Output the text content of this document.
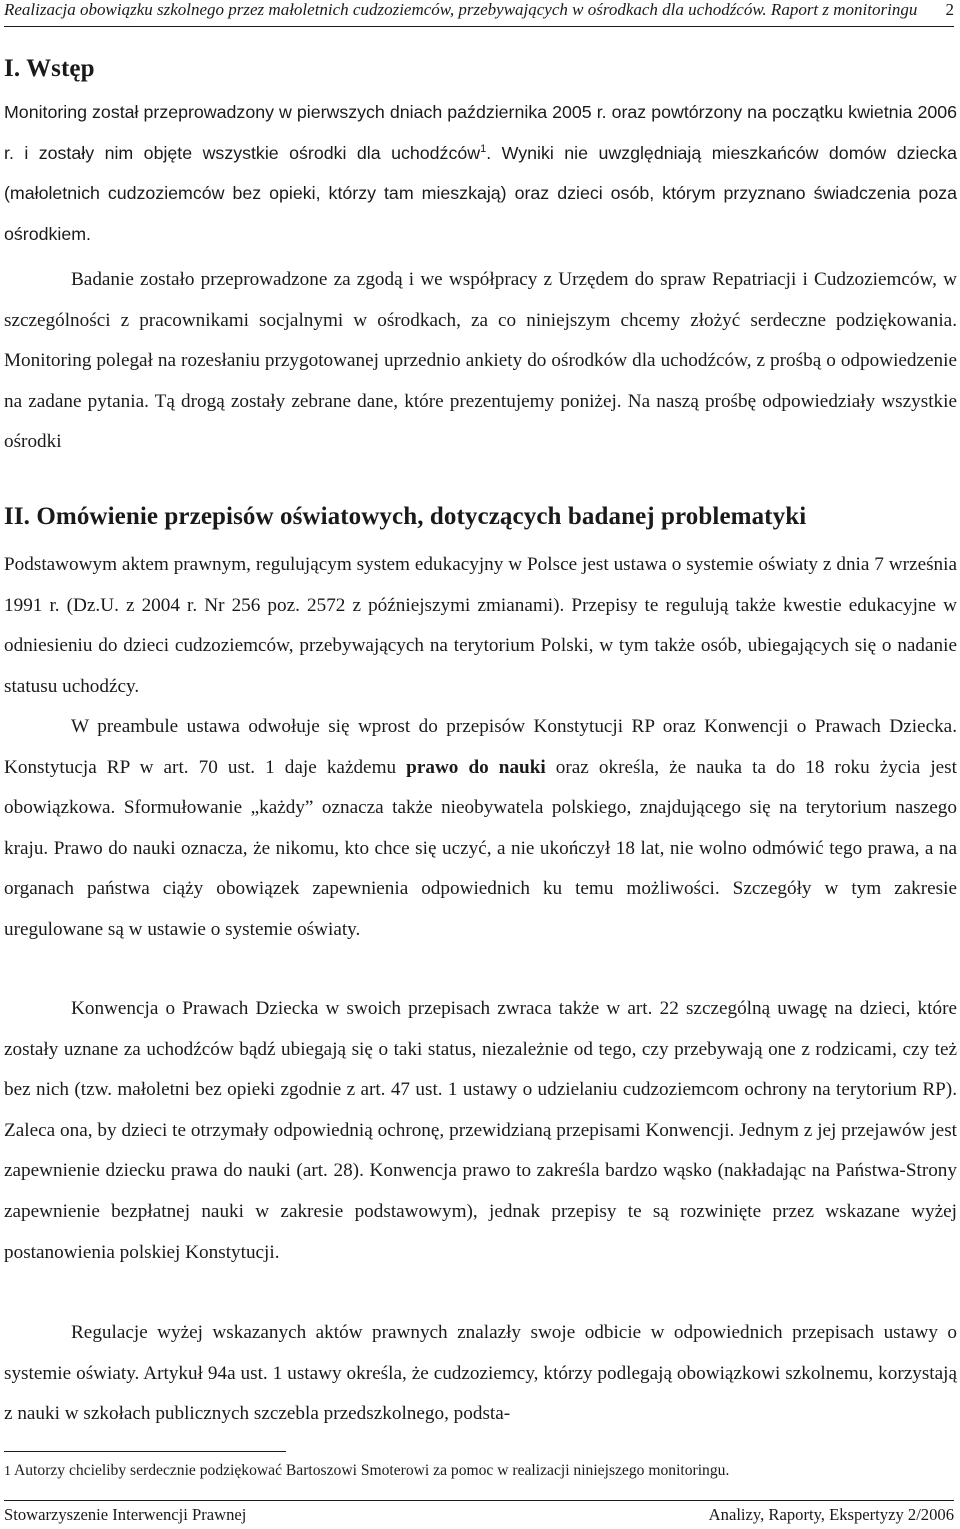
Realizacja obowiązku szkolnego przez małoletnich cudzoziemców, przebywających w ośrodkach dla uchodźców. Raport z monitoringu 2
I. Wstęp

Monitoring został przeprowadzony w pierwszych dniach października 2005 r. oraz powtórzony na początku kwietnia 2006 r. i zostały nim objęte wszystkie ośrodki dla uchodźców$^1$. Wyniki nie uwzględniają mieszkańców domów dziecka (małoletnich cudzoziemców bez opieki, którzy tam mieszkają) oraz dzieci osób, którym przyznano świadczenia poza ośrodkiem.

Badanie zostało przeprowadzone za zgodą i we współpracy z Urzędem do spraw Repatriacji i Cudzoziemców, w szczególności z pracownikami socjalnymi w ośrodkach, za co niniejszym chcemy złożyć serdeczne podziękowania. Monitoring polegał na rozesłaniu przygotowanej uprzednio ankiety do ośrodków dla uchodźców, z prośbą o odpowiedzenie na zadane pytania. Tą drogą zostały zebrane dane, które prezentujemy poniżej. Na naszą prośbę odpowiedziały wszystkie ośrodki

II. Omówienie przepisów oświatowych, dotyczących badanej problematyki

Podstawowym aktem prawnym, regulującym system edukacyjny w Polsce jest ustawa o systemie oświaty z dnia 7 września 1991 r. (Dz.U. z 2004 r. Nr 256 poz. 2572 z późniejszymi zmianami). Przepisy te regulują także kwestie edukacyjne w odniesieniu do dzieci cudzoziemców, przebywających na terytorium Polski, w tym także osób, ubiegających się o nadanie statusu uchodźcy.

W preambule ustawa odwołuje się wprost do przepisów Konstytucji RP oraz Konwencji o Prawach Dziecka. Konstytucja RP w art. 70 ust. 1 daje każdemu prawo do nauki oraz określa, że nauka ta do 18 roku życia jest obowiązkowa. Sformułowanie „każdy” oznacza także nieobywatela polskiego, znajdującego się na terytorium naszego kraju. Prawo do nauki oznacza, że nikomu, kto chce się uczyć, a nie ukończył 18 lat, nie wolno odmówić tego prawa, a na organach państwa ciąży obowiązek zapewnienia odpowiednich ku temu możliwości. Szczegóły w tym zakresie uregulowane są w ustawie o systemie oświaty.

Konwencja o Prawach Dziecka w swoich przepisach zwraca także w art. 22 szczególną uwagę na dzieci, które zostały uznane za uchodźców bądź ubiegają się o taki status, niezależnie od tego, czy przebywają one z rodzicami, czy też bez nich (tzw. małoletni bez opieki zgodnie z art. 47 ust. 1 ustawy o udzielaniu cudzoziemcom ochrony na terytorium RP). Zaleca ona, by dzieci te otrzymały odpowiednią ochronę, przewidzianą przepisami Konwencji. Jednym z jej przejawów jest zapewnienie dziecku prawa do nauki (art. 28). Konwencja prawo to zakreśla bardzo wąsko (nakładając na Państwa-Strony zapewnienie bezpłatnej nauki w zakresie podstawowym), jednak przepisy te są rozwinięte przez wskazane wyżej postanowienia polskiej Konstytucji.

Regulacje wyżej wskazanych aktów prawnych znalazły swoje odbicie w odpowiednich przepisach ustawy o systemie oświaty. Artykuł 94a ust. 1 ustawy określa, że cudzoziemcy, którzy podlegają obowiązkowi szkolnemu, korzystają z nauki w szkołach publicznych szczebla przedszkolnego, podsta-

1 Autorzy chcieliby serdecznie podziękować Bartoszowi Smoterowi za pomoc w realizacji niniejszego monitoringu.
Stowarzyszenie Interwencji Prawnej	Analizy, Raporty, Ekspertyzy 2/2006
